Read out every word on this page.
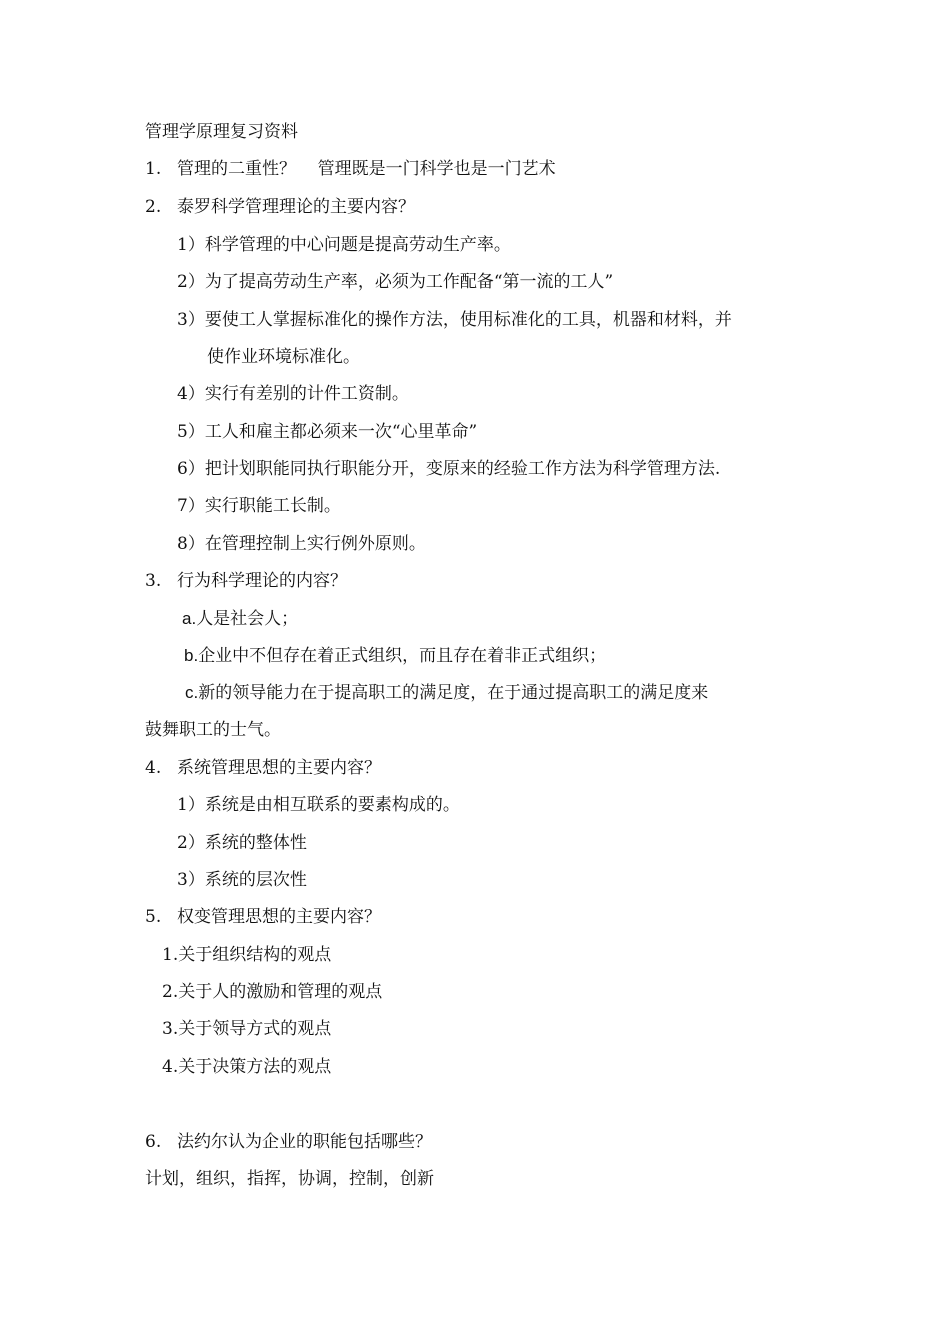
管理学原理复习资料
1. 管理的二重性？    管理既是一门科学也是一门艺术
2. 泰罗科学管理理论的主要内容？
1）科学管理的中心问题是提高劳动生产率。
2）为了提高劳动生产率，必须为工作配备“第一流的工人”
3）要使工人掌握标准化的操作方法，使用标准化的工具，机器和材料，并
使作业环境标准化。
4）实行有差别的计件工资制。
5）工人和雇主都必须来一次“心里革命”
6）把计划职能同执行职能分开，变原来的经验工作方法为科学管理方法.
7）实行职能工长制。
8）在管理控制上实行例外原则。
3. 行为科学理论的内容？
a.人是社会人；
b.企业中不但存在着正式组织，而且存在着非正式组织；
c.新的领导能力在于提高职工的满足度，在于通过提高职工的满足度来
鼓舞职工的士气。
4. 系统管理思想的主要内容？
1）系统是由相互联系的要素构成的。
2）系统的整体性
3）系统的层次性
5. 权变管理思想的主要内容？
1.关于组织结构的观点
2.关于人的激励和管理的观点
3.关于领导方式的观点
4.关于决策方法的观点
6. 法约尔认为企业的职能包括哪些？
计划，组织，指挥，协调，控制，创新
